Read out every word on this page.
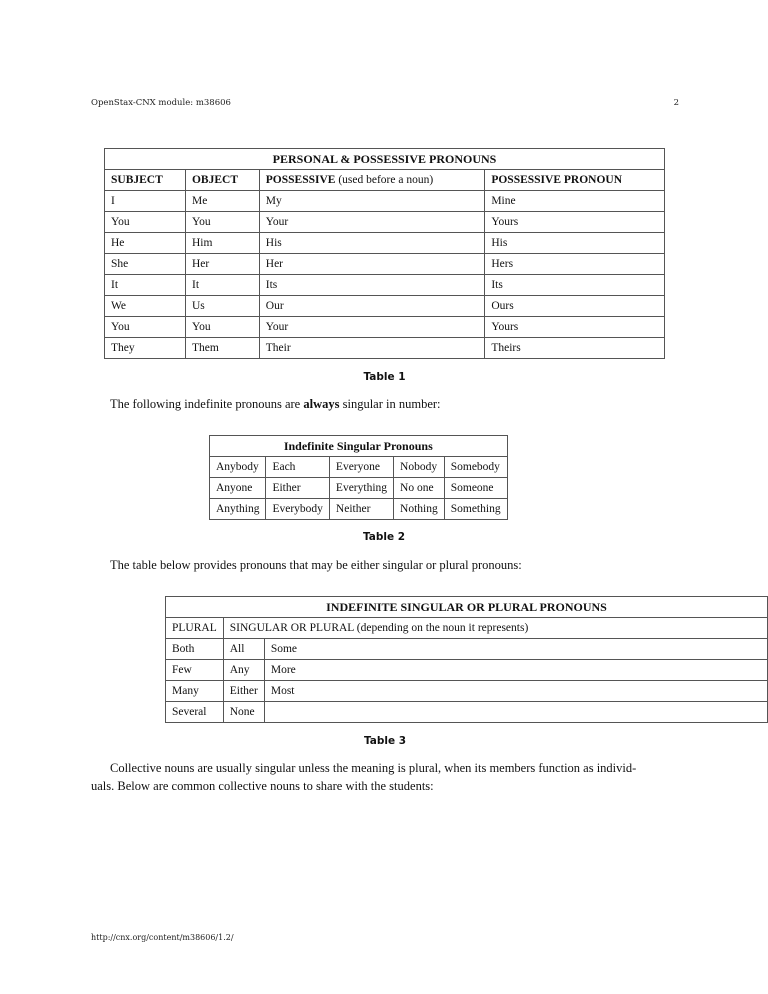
OpenStax-CNX module: m38606	2
PERSONAL & POSSESSIVE PRONOUNS			
SUBJECT	OBJECT	POSSESSIVE (used before a noun)	POSSESSIVE PRONOUN
I	Me	My	Mine
You	You	Your	Yours
He	Him	His	His
She	Her	Her	Hers
It	It	Its	Its
We	Us	Our	Ours
You	You	Your	Yours
They	Them	Their	Theirs
Table 1

The following indefinite pronouns are always singular in number:

Indefinite Singular Pronouns				
Anybody	Each	Everyone	Nobody	Somebody
Anyone	Either	Everything	No one	Someone
Anything	Everybody	Neither	Nothing	Something
Table 2

The table below provides pronouns that may be either singular or plural pronouns:

INDEFINITE SINGULAR OR PLURAL PRONOUNS		
PLURAL	SINGULAR OR PLURAL (depending on the noun it represents)	
Both	All	Some
Few	Any	More
Many	Either	Most
Several	None	
Table 3

Collective nouns are usually singular unless the meaning is plural, when its members function as individ-
uals. Below are common collective nouns to share with the students:

http://cnx.org/content/m38606/1.2/
